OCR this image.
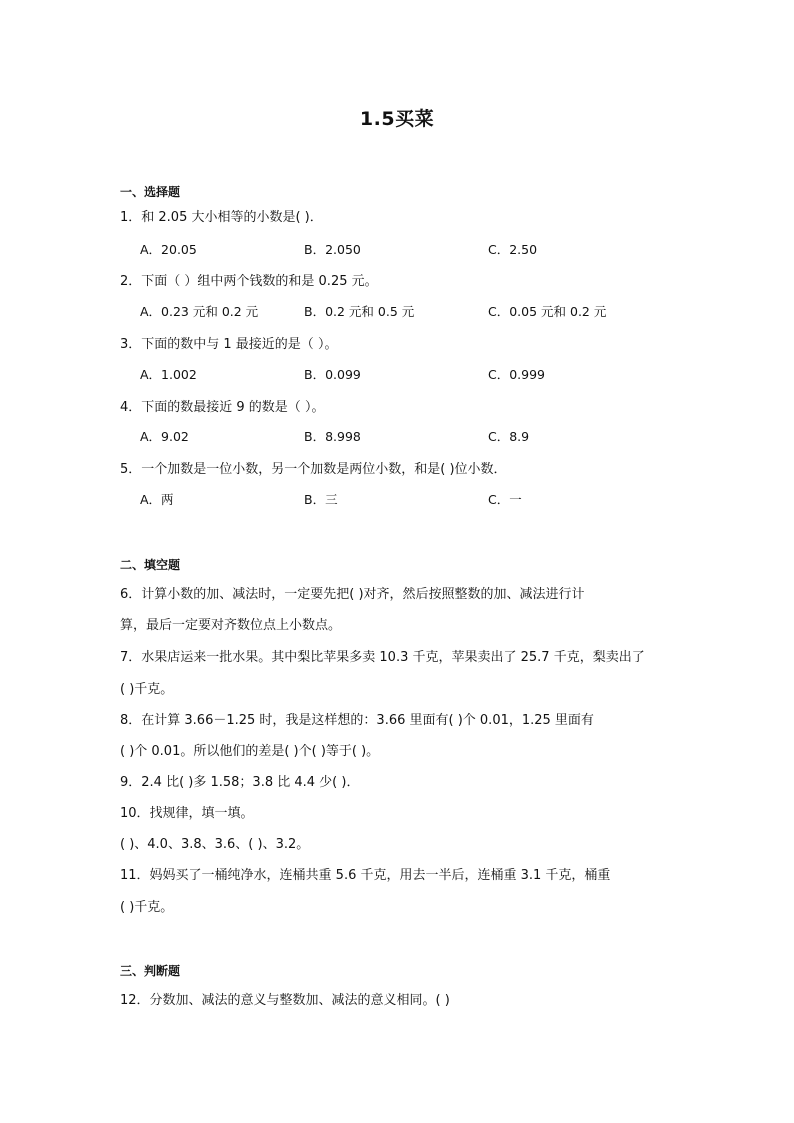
1.5买菜
一、选择题
1．和 2.05 大小相等的小数是( )．
A．20.05	B．2.050	C．2.50
2．下面（ ）组中两个钱数的和是 0.25 元。
A．0.23 元和 0.2 元	B．0.2 元和 0.5 元	C．0.05 元和 0.2 元
3．下面的数中与 1 最接近的是（ ）。
A．1.002	B．0.099	C．0.999
4．下面的数最接近 9 的数是（ ）。
A．9.02	B．8.998	C．8.9
5．一个加数是一位小数，另一个加数是两位小数，和是( )位小数．
A．两	B．三	C．一
二、填空题
6．计算小数的加、减法时，一定要先把( )对齐，然后按照整数的加、减法进行计
算，最后一定要对齐数位点上小数点。
7．水果店运来一批水果。其中梨比苹果多卖 10.3 千克，苹果卖出了 25.7 千克，梨卖出了
( )千克。
8．在计算 3.66－1.25 时，我是这样想的：3.66 里面有( )个 0.01，1.25 里面有
( )个 0.01。所以他们的差是( )个( )等于( )。
9．2.4 比( )多 1.58；3.8 比 4.4 少( )．
10．找规律，填一填。
( )、4.0、3.8、3.6、( )、3.2。
11．妈妈买了一桶纯净水，连桶共重 5.6 千克，用去一半后，连桶重 3.1 千克，桶重
( )千克。
三、判断题
12．分数加、减法的意义与整数加、减法的意义相同。( )
